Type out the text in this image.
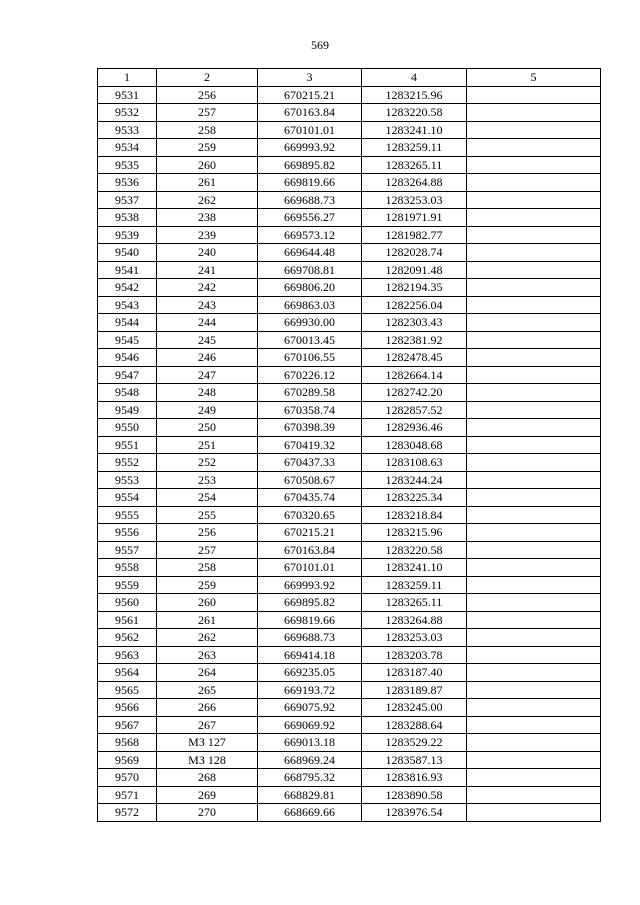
569
1	2	3	4	5
9531	256	670215.21	1283215.96	
9532	257	670163.84	1283220.58	
9533	258	670101.01	1283241.10	
9534	259	669993.92	1283259.11	
9535	260	669895.82	1283265.11	
9536	261	669819.66	1283264.88	
9537	262	669688.73	1283253.03	
9538	238	669556.27	1281971.91	
9539	239	669573.12	1281982.77	
9540	240	669644.48	1282028.74	
9541	241	669708.81	1282091.48	
9542	242	669806.20	1282194.35	
9543	243	669863.03	1282256.04	
9544	244	669930.00	1282303.43	
9545	245	670013.45	1282381.92	
9546	246	670106.55	1282478.45	
9547	247	670226.12	1282664.14	
9548	248	670289.58	1282742.20	
9549	249	670358.74	1282857.52	
9550	250	670398.39	1282936.46	
9551	251	670419.32	1283048.68	
9552	252	670437.33	1283108.63	
9553	253	670508.67	1283244.24	
9554	254	670435.74	1283225.34	
9555	255	670320.65	1283218.84	
9556	256	670215.21	1283215.96	
9557	257	670163.84	1283220.58	
9558	258	670101.01	1283241.10	
9559	259	669993.92	1283259.11	
9560	260	669895.82	1283265.11	
9561	261	669819.66	1283264.88	
9562	262	669688.73	1283253.03	
9563	263	669414.18	1283203.78	
9564	264	669235.05	1283187.40	
9565	265	669193.72	1283189.87	
9566	266	669075.92	1283245.00	
9567	267	669069.92	1283288.64	
9568	МЗ 127	669013.18	1283529.22	
9569	МЗ 128	668969.24	1283587.13	
9570	268	668795.32	1283816.93	
9571	269	668829.81	1283890.58	
9572	270	668669.66	1283976.54	
